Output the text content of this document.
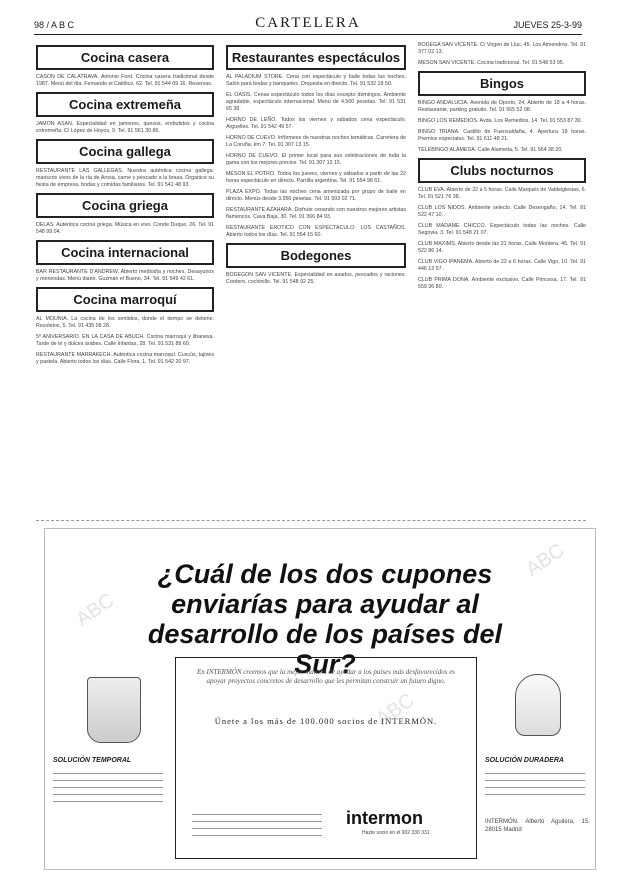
98 / A B C	CARTELERA	JUEVES 25-3-99
Cocina casera

CASON DE CALATRAVA. Antonio Ford. Cocina casera tradicional desde 1987. Menú del día. Fernando el Católico, 62. Tel. 91 544 09 16. Reservas.

Cocina extremeña

JAMON ASAN. Especialidad en jamones, quesos, embutidos y cocina extremeña. C/ López de Hoyos, 9. Tel. 91 561 30 86.

Cocina gallega

RESTAURANTE LAS GALLEGAS. Nuestra auténtica cocina gallega: mariscos vivos de la ría de Arosa, carne y pescado a la brasa. Organice su fiesta de empresa, bodas y comidas familiares. Tel. 91 541 48 93.

Cocina griega

DELAS. Auténtica cocina griega. Música en vivo. Conde Duque, 26. Tel. 91 548 99 04.

Cocina internacional

BAR RESTAURANTE D'ANDREW. Abierto mediodía y noches. Desayunos y meriendas. Menú diario. Guzmán el Bueno, 34. Tel. 91 549 42 61.

Cocina marroquí

AL MOUNIA. La cocina de los sentidos, donde el tiempo se detiene. Recoletos, 5. Tel. 91 435 08 28.

5º ANIVERSARIO. EN LA CASA DE ABUCH. Cocina marroquí y libanesa. Tarde de té y dulces árabes. Calle Infantas, 28. Tel. 91 531 89 60.

RESTAURANTE MARRAKECH. Auténtica cocina marroquí. Cuscús, tajines y pastela. Abierto todos los días. Calle Flora, 1. Tel. 91 542 20 97.

Restaurantes espectáculos

AL PALADIUM STORE. Cena con espectáculo y baile todas las noches. Salón para bodas y banquetes. Orquesta en directo. Tel. 91 532 18 50.

EL OASIS. Cenas espectáculo todos los días excepto domingos. Ambiente agradable, espectáculo internacional. Menú de 4.500 pesetas. Tel. 91 531 65 38.

HORNO DE LEÑO. Todos los viernes y sábados cena espectáculo. Arguelles. Tel. 91 542 49 57.

HORNO DE CUEVO. Infórmese de nuestras noches temáticas. Carretera de La Coruña, km 7. Tel. 91 307 13 15.

HORNO DE CUEVO. El primer local para sus celebraciones de toda la gama con los mejores precios. Tel. 91 307 13 15.

MESON EL POTRO. Todos los jueves, viernes y sábados a partir de las 22 horas espectáculo en directo. Parrilla argentina. Tel. 91 554 98 61.

PLAZA EXPO. Todas las noches cena amenizada por grupo de baile en directo. Menús desde 3.950 pesetas. Tel. 91 593 02 71.

RESTAURANTE AZAHARA. Disfrute cenando con nuestros mejores artistas flamencos. Cava Baja, 30. Tel. 91 366 84 93.

RESTAURANTE EROTICO CON ESPECTACULO: LOS CASTAÑOS. Abierto todos los días. Tel. 91 554 15 60.

Bodegones

BODEGON SAN VICENTE. Especialidad en asados, pescados y raciones. Cordero, cochinillo. Tel. 91 548 92 25.

BODEGA SAN VICENTE. C/ Virgen de Lluc, 45. Los Almendros. Tel. 91 377 02 13.

MESON SAN VICENTE. Cocina tradicional. Tel. 91 548 53 95.

Bingos

BINGO ANDALUCIA. Avenida de Oporto, 24. Abierto de 18 a 4 horas. Restaurante, parking gratuito. Tel. 91 565 52 08.

BINGO LOS REMEDIOS. Avda. Los Remedios, 14. Tel. 91 553 87 30.

BINGO TRIANA. Castillo de Fuensaldaña, 4. Apertura 18 horas. Premios especiales. Tel. 91 611 48 21.

TELEBINGO ALAMEDA. Calle Alameda, 5. Tel. 91 564 38 20.

Clubs nocturnos

CLUB EVA. Abierto de 22 a 5 horas. Calle Marqués de Valdeiglesias, 6. Tel. 91 521 76 38.

CLUB LOS NIDOS. Ambiente selecto. Calle Desengaño, 14. Tel. 91 522 47 10.

CLUB MADAME CHICCO. Espectáculo todas las noches. Calle Segovia, 3. Tel. 91 548 21 07.

CLUB MAXIMS. Abierto desde las 21 horas. Calle Montera, 45. Tel. 91 522 86 14.

CLUB VIGO IPANEMA. Abierto de 22 a 6 horas. Calle Vigo, 10. Tel. 91 446 13 57.

CLUB PRIMA DONA. Ambiente exclusivo. Calle Princesa, 17. Tel. 91 559 36 80.

ABC
ABC
ABC
¿Cuál de los dos cupones enviarías para ayudar al desarrollo de los países del Sur?
SOLUCIÓN TEMPORAL
En INTERMÓN creemos que la mejor manera de ayudar a los países más desfavorecidos es apoyar proyectos concretos de desarrollo que les permitan construir un futuro digno.
Únete a los más de 100.000 socios de INTERMÓN.
intermon
Hazte socio en el 902 330 331
SOLUCIÓN DURADERA
INTERMÓN. Alberto Aguilera, 15. 28015 Madrid
